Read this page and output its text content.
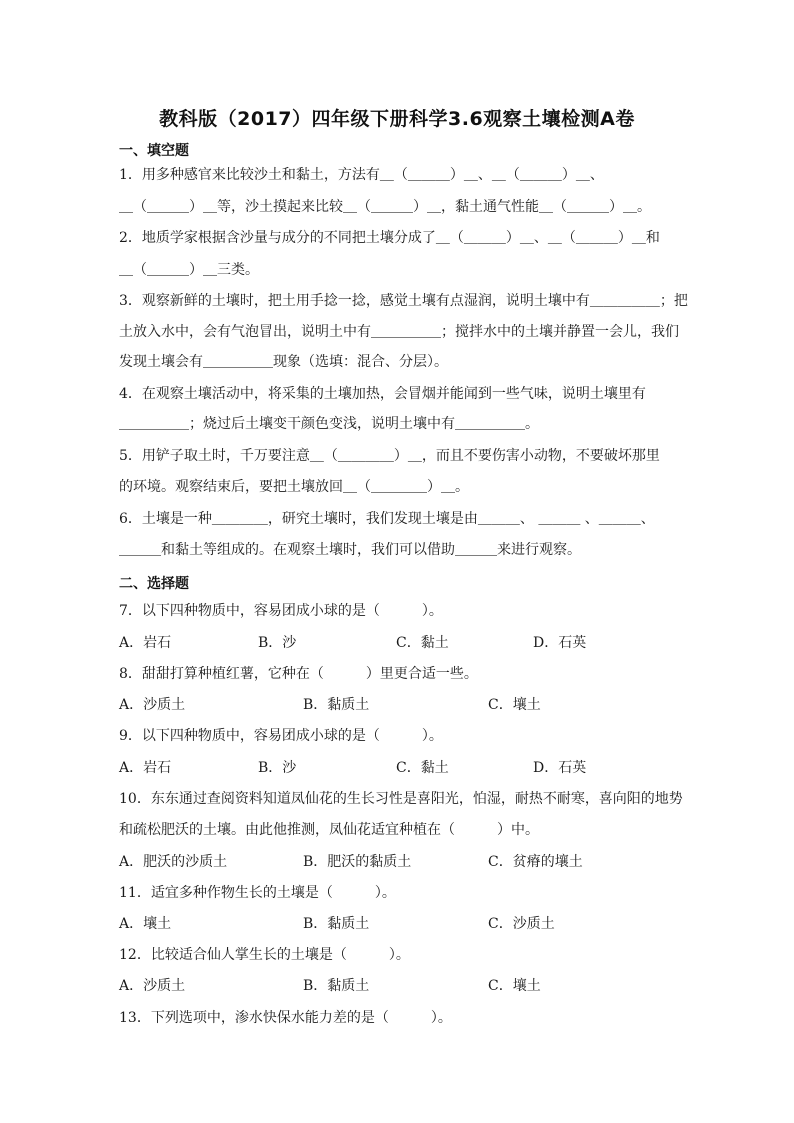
教科版（2017）四年级下册科学3.6观察土壤检测A卷
一、填空题
1．用多种感官来比较沙土和黏土，方法有＿（＿＿＿）＿、＿（＿＿＿）＿、
＿（＿＿＿）＿等，沙土摸起来比较＿（＿＿＿）＿，黏土通气性能＿（＿＿＿）＿。
2．地质学家根据含沙量与成分的不同把土壤分成了＿（＿＿＿）＿、＿（＿＿＿）＿和
＿（＿＿＿）＿三类。
3．观察新鲜的土壤时，把土用手捻一捻，感觉土壤有点湿润，说明土壤中有＿＿＿＿＿；把
土放入水中，会有气泡冒出，说明土中有＿＿＿＿＿；搅拌水中的土壤并静置一会儿，我们
发现土壤会有＿＿＿＿＿现象（选填：混合、分层）。
4．在观察土壤活动中，将采集的土壤加热，会冒烟并能闻到一些气味，说明土壤里有
＿＿＿＿＿；烧过后土壤变干颜色变浅，说明土壤中有＿＿＿＿＿。
5．用铲子取土时，千万要注意＿（＿＿＿＿）＿，而且不要伤害小动物，不要破坏那里
的环境。观察结束后，要把土壤放回＿（＿＿＿＿）＿。
6．土壤是一种＿＿＿＿，研究土壤时，我们发现土壤是由＿＿＿、 ＿＿＿ 、＿＿＿、
＿＿＿和黏土等组成的。在观察土壤时，我们可以借助＿＿＿来进行观察。
二、选择题
7．以下四种物质中，容易团成小球的是（　　　）。
A．岩石	B．沙	C．黏土	D．石英
8．甜甜打算种植红薯，它种在（　　　）里更合适一些。
A．沙质土	B．黏质土	C．壤土
9．以下四种物质中，容易团成小球的是（　　　）。
A．岩石	B．沙	C．黏土	D．石英
10．东东通过查阅资料知道凤仙花的生长习性是喜阳光，怕湿，耐热不耐寒，喜向阳的地势
和疏松肥沃的土壤。由此他推测，凤仙花适宜种植在（　　　）中。
A．肥沃的沙质土	B．肥沃的黏质土	C．贫瘠的壤土
11．适宜多种作物生长的土壤是（　　　）。
A．壤土	B．黏质土	C．沙质土
12．比较适合仙人掌生长的土壤是（　　　）。
A．沙质土	B．黏质土	C．壤土
13．下列选项中，渗水快保水能力差的是（　　　）。
